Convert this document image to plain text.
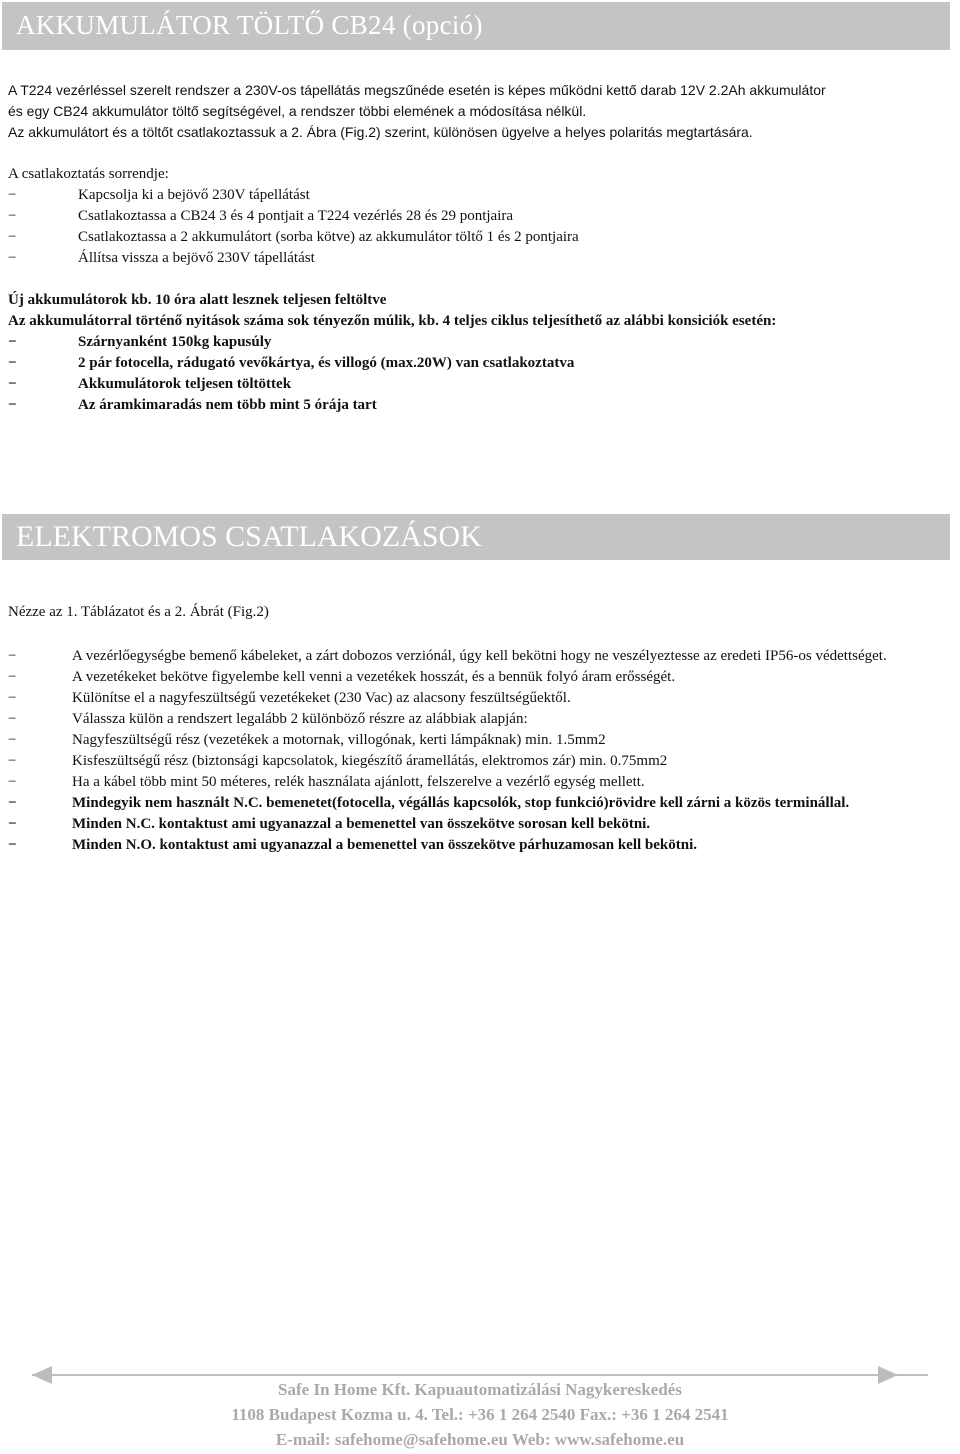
AKKUMULÁTOR TÖLTŐ CB24 (opció)
A T224 vezérléssel szerelt rendszer a 230V-os tápellátás megszűnéde esetén is képes működni kettő darab 12V 2.2Ah akkumulátor
és egy CB24 akkumulátor töltő segítségével, a rendszer többi elemének a módosítása nélkül.
Az akkumulátort és a töltőt csatlakoztassuk a 2. Ábra (Fig.2) szerint, különösen ügyelve a helyes polaritás megtartására.
A csatlakoztatás sorrendje:
−	Kapcsolja ki a bejövő 230V tápellátást
−	Csatlakoztassa a CB24 3 és 4 pontjait a T224 vezérlés 28 és 29 pontjaira
−	Csatlakoztassa a 2 akkumulátort (sorba kötve) az akkumulátor töltő 1 és 2 pontjaira
−	Állítsa vissza a bejövő 230V tápellátást
Új akkumulátorok kb. 10 óra alatt lesznek teljesen feltöltve
Az akkumulátorral történő nyitások száma sok tényezőn múlik, kb. 4 teljes ciklus teljesíthető az alábbi konsiciók esetén:
−	Szárnyanként 150kg kapusúly
−	2 pár fotocella, rádugató vevőkártya, és villogó (max.20W) van csatlakoztatva
−	Akkumulátorok teljesen töltöttek
−	Az áramkimaradás nem több mint 5 órája tart
ELEKTROMOS CSATLAKOZÁSOK
Nézze az 1. Táblázatot és a 2. Ábrát (Fig.2)
−	A vezérlőegységbe bemenő kábeleket, a zárt dobozos verziónál, úgy kell bekötni hogy ne veszélyeztesse az eredeti IP56-os védettséget.
−	A vezetékeket bekötve figyelembe kell venni a vezetékek hosszát, és a bennük folyó áram erősségét.
−	Különítse el a nagyfeszültségű vezetékeket (230 Vac) az alacsony feszültségűektől.
−	Válassza külön a rendszert legalább 2 különböző részre az alábbiak alapján:
−	Nagyfeszültségű rész (vezetékek a motornak, villogónak, kerti lámpáknak) min. 1.5mm2
−	Kisfeszültségű rész (biztonsági kapcsolatok, kiegészítő áramellátás, elektromos zár) min. 0.75mm2
−	Ha a kábel több mint 50 méteres, relék használata ajánlott, felszerelve a vezérlő egység mellett.
−	Mindegyik nem használt N.C. bemenetet(fotocella, végállás kapcsolók, stop funkció)rövidre kell zárni a közös terminállal.
−	Minden N.C. kontaktust ami ugyanazzal a bemenettel van összekötve sorosan kell bekötni.
−	Minden N.O. kontaktust ami ugyanazzal a bemenettel van összekötve párhuzamosan kell bekötni.
Safe In Home Kft. Kapuautomatizálási Nagykereskedés
1108 Budapest Kozma u. 4. Tel.: +36 1 264 2540 Fax.: +36 1 264 2541
E-mail: safehome@safehome.eu Web: www.safehome.eu
